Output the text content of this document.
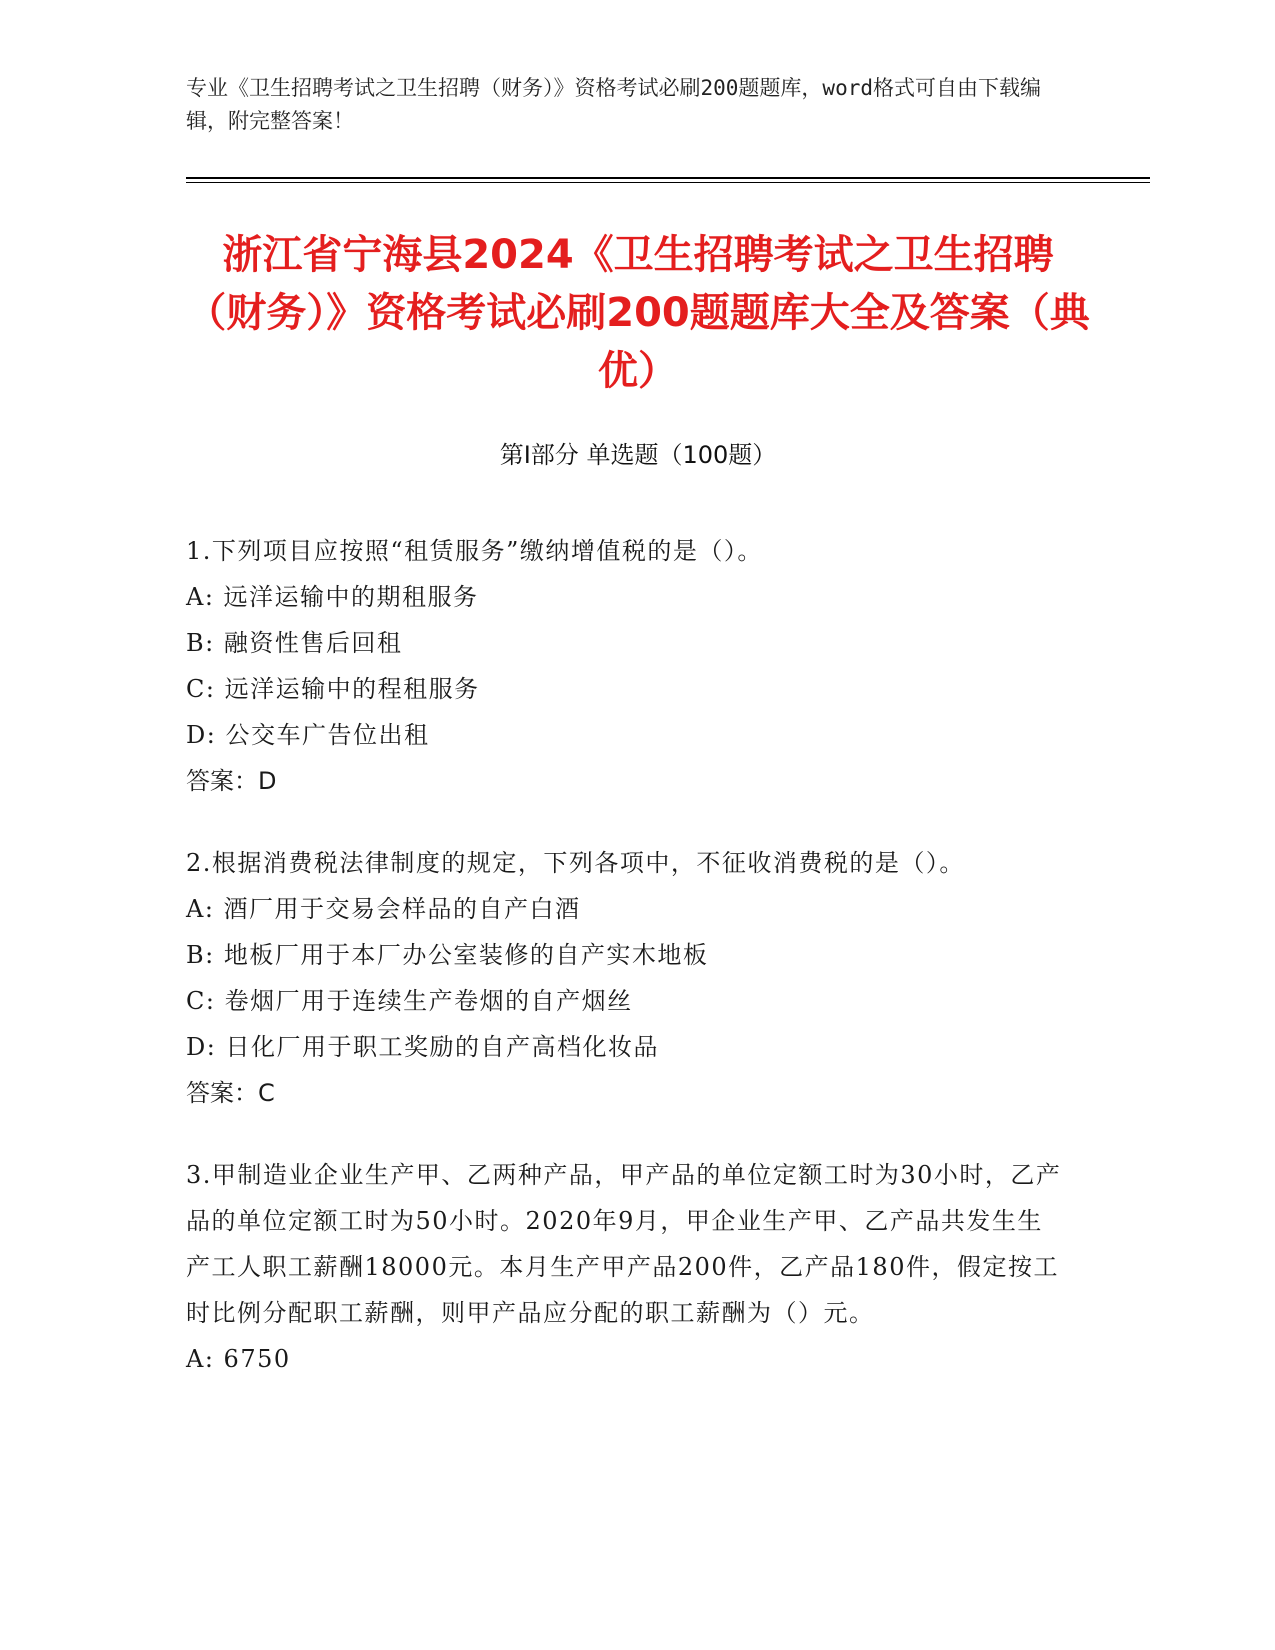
专业《卫生招聘考试之卫生招聘（财务）》资格考试必刷200题题库，word格式可自由下载编辑，附完整答案！
浙江省宁海县2024《卫生招聘考试之卫生招聘（财务）》资格考试必刷200题题库大全及答案（典优）
第I部分 单选题（100题）

1.下列项目应按照“租赁服务”缴纳增值税的是（）。

A: 远洋运输中的期租服务

B: 融资性售后回租

C: 远洋运输中的程租服务

D: 公交车广告位出租

答案：D

2.根据消费税法律制度的规定，下列各项中，不征收消费税的是（）。

A: 酒厂用于交易会样品的自产白酒

B: 地板厂用于本厂办公室装修的自产实木地板

C: 卷烟厂用于连续生产卷烟的自产烟丝

D: 日化厂用于职工奖励的自产高档化妆品

答案：C

3.甲制造业企业生产甲、乙两种产品，甲产品的单位定额工时为30小时，乙产品的单位定额工时为50小时。2020年9月，甲企业生产甲、乙产品共发生生产工人职工薪酬18000元。本月生产甲产品200件，乙产品180件，假定按工时比例分配职工薪酬，则甲产品应分配的职工薪酬为（）元。

A: 6750
